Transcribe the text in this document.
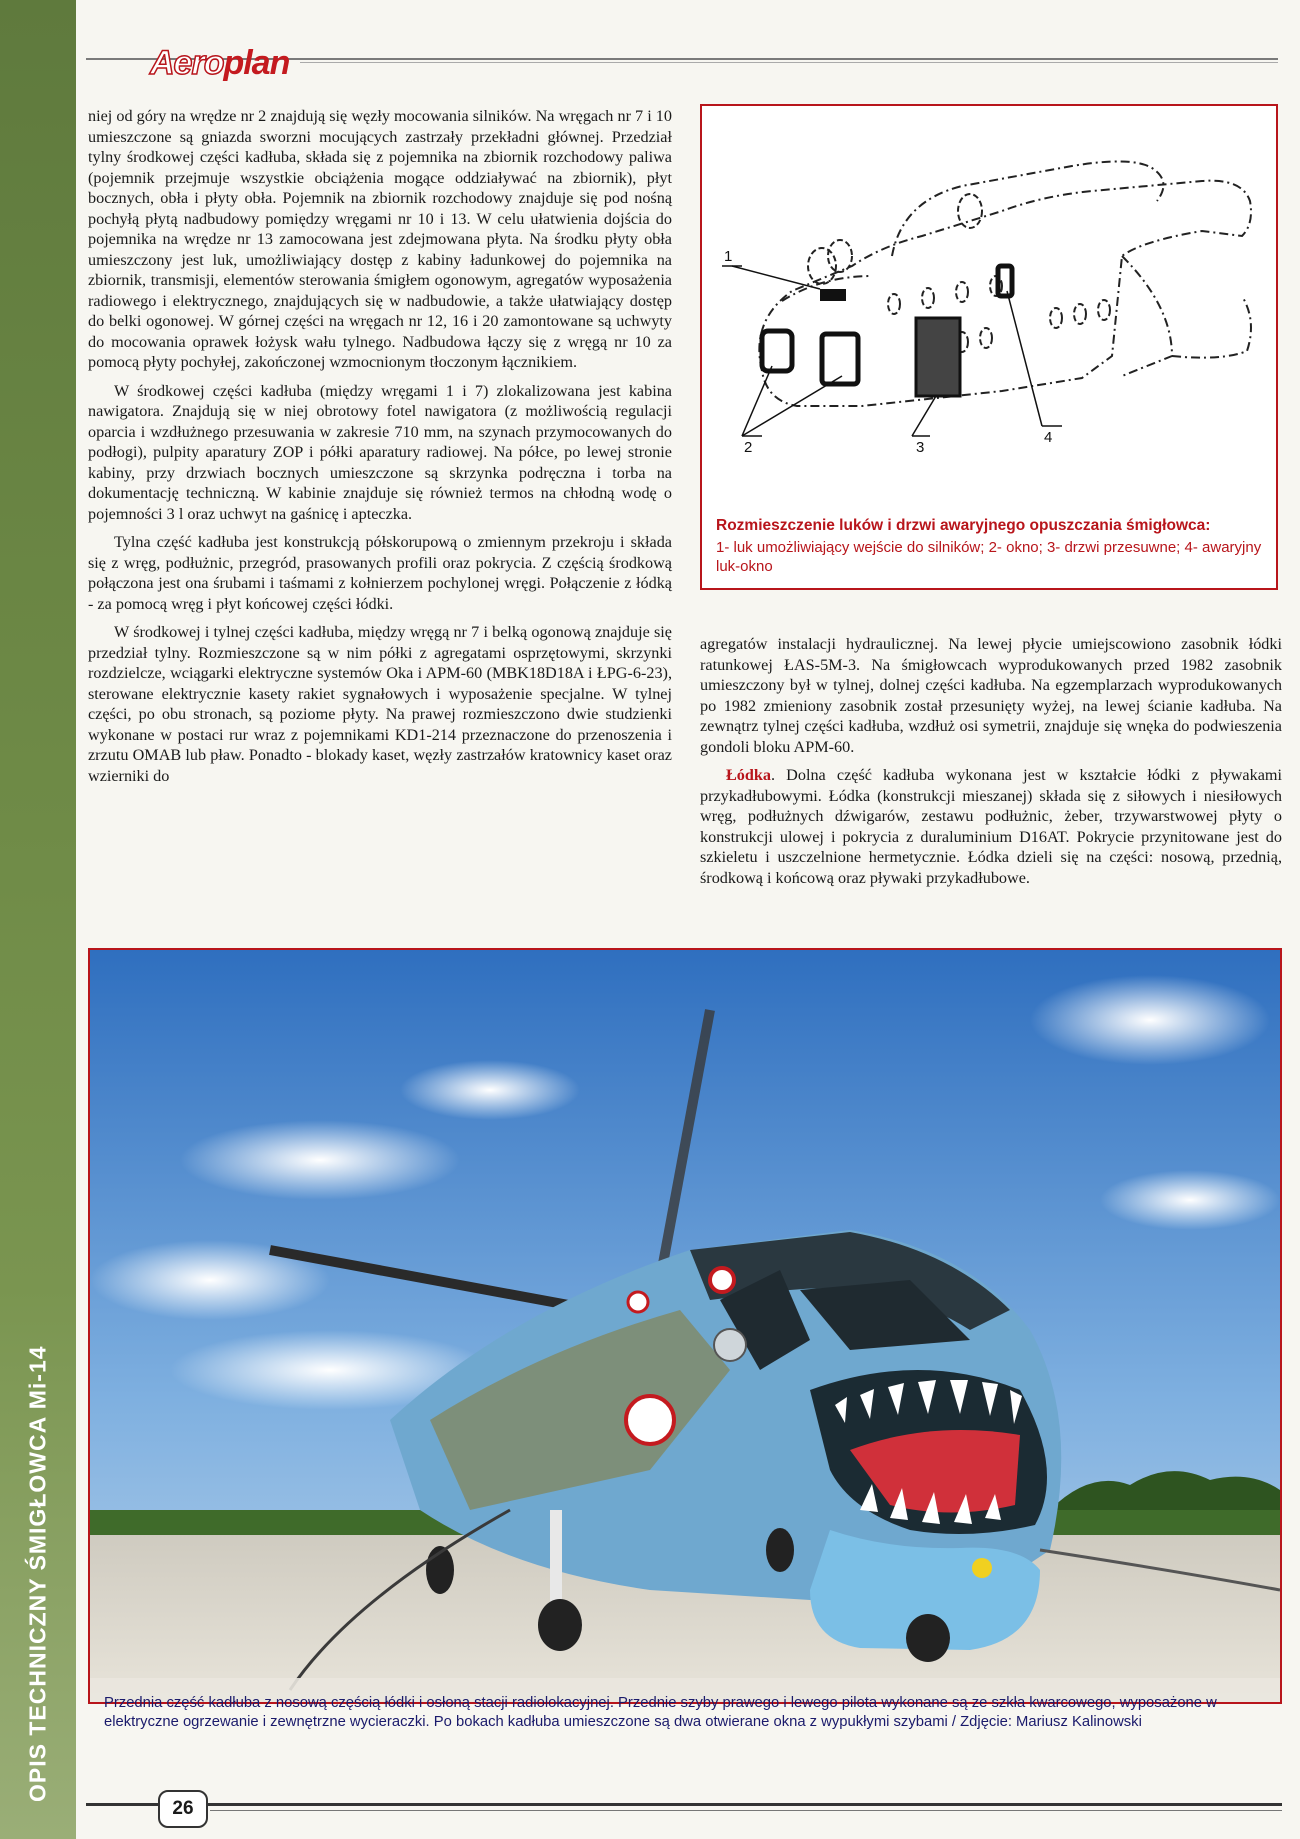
OPIS TECHNICZNY ŚMIGŁOWCA Mi-14
Aeroplan

niej od góry na wrędze nr 2 znajdują się węzły mocowania silników. Na wręgach nr 7 i 10 umieszczone są gniazda sworzni mocujących zastrzały przekładni głównej. Przedział tylny środkowej części kadłuba, składa się z pojemnika na zbiornik rozchodowy paliwa (pojemnik przejmuje wszystkie obciążenia mogące oddziaływać na zbiornik), płyt bocznych, obła i płyty obła. Pojemnik na zbiornik rozchodowy znajduje się pod nośną pochyłą płytą nadbudowy pomiędzy wręgami nr 10 i 13. W celu ułatwienia dojścia do pojemnika na wrędze nr 13 zamocowana jest zdejmowana płyta. Na środku płyty obła umieszczony jest luk, umożliwiający dostęp z kabiny ładunkowej do pojemnika na zbiornik, transmisji, elementów sterowania śmigłem ogonowym, agregatów wyposażenia radiowego i elektrycznego, znajdujących się w nadbudowie, a także ułatwiający dostęp do belki ogonowej. W górnej części na wręgach nr 12, 16 i 20 zamontowane są uchwyty do mocowania oprawek łożysk wału tylnego. Nadbudowa łączy się z wręgą nr 10 za pomocą płyty pochyłej, zakończonej wzmocnionym tłoczonym łącznikiem.

W środkowej części kadłuba (między wręgami 1 i 7) zlokalizowana jest kabina nawigatora. Znajdują się w niej obrotowy fotel nawigatora (z możliwością regulacji oparcia i wzdłużnego przesuwania w zakresie 710 mm, na szynach przymocowanych do podłogi), pulpity aparatury ZOP i półki aparatury radiowej. Na półce, po lewej stronie kabiny, przy drzwiach bocznych umieszczone są skrzynka podręczna i torba na dokumentację techniczną. W kabinie znajduje się również termos na chłodną wodę o pojemności 3 l oraz uchwyt na gaśnicę i apteczka.

Tylna część kadłuba jest konstrukcją półskorupową o zmiennym przekroju i składa się z wręg, podłużnic, przegród, prasowanych profili oraz pokrycia. Z częścią środkową połączona jest ona śrubami i taśmami z kołnierzem pochylonej wręgi. Połączenie z łódką - za pomocą wręg i płyt końcowej części łódki.

W środkowej i tylnej części kadłuba, między wręgą nr 7 i belką ogonową znajduje się przedział tylny. Rozmieszczone są w nim półki z agregatami osprzętowymi, skrzynki rozdzielcze, wciągarki elektryczne systemów Oka i APM-60 (MBK18D18A i ŁPG-6-23), sterowane elektrycznie kasety rakiet sygnałowych i wyposażenie specjalne. W tylnej części, po obu stronach, są poziome płyty. Na prawej rozmieszczono dwie studzienki wykonane w postaci rur wraz z pojemnikami KD1-214 przeznaczone do przenoszenia i zrzutu OMAB lub pław. Ponadto - blokady kaset, węzły zastrzałów kratownicy kaset oraz wzierniki do

1
2	3
4
Rozmieszczenie luków i drzwi awaryjnego opuszczania śmigłowca:
1- luk umożliwiający wejście do silników; 2- okno; 3- drzwi przesuwne; 4- awaryjny luk-okno

agregatów instalacji hydraulicznej. Na lewej płycie umiejscowiono zasobnik łódki ratunkowej ŁAS-5M-3. Na śmigłowcach wyprodukowanych przed 1982 zasobnik umieszczony był w tylnej, dolnej części kadłuba. Na egzemplarzach wyprodukowanych po 1982 zmieniony zasobnik został przesunięty wyżej, na lewej ścianie kadłuba. Na zewnątrz tylnej części kadłuba, wzdłuż osi symetrii, znajduje się wnęka do podwieszenia gondoli bloku APM-60.

Łódka. Dolna część kadłuba wykonana jest w kształcie łódki z pływakami przykadłubowymi. Łódka (konstrukcji mieszanej) składa się z siłowych i niesiłowych wręg, podłużnych dźwigarów, zestawu podłużnic, żeber, trzywarstwowej płyty o konstrukcji ulowej i pokrycia z duraluminium D16AT. Pokrycie przynitowane jest do szkieletu i uszczelnione hermetycznie. Łódka dzieli się na części: nosową, przednią, środkową i końcową oraz pływaki przykadłubowe.

Przednia część kadłuba z nosową częścią łódki i osłoną stacji radiolokacyjnej. Przednie szyby prawego i lewego pilota wykonane są ze szkła kwarcowego, wyposażone w elektryczne ogrzewanie i zewnętrzne wycieraczki. Po bokach kadłuba umieszczone są dwa otwierane okna z wypukłymi szybami / Zdjęcie: Mariusz Kalinowski
26
